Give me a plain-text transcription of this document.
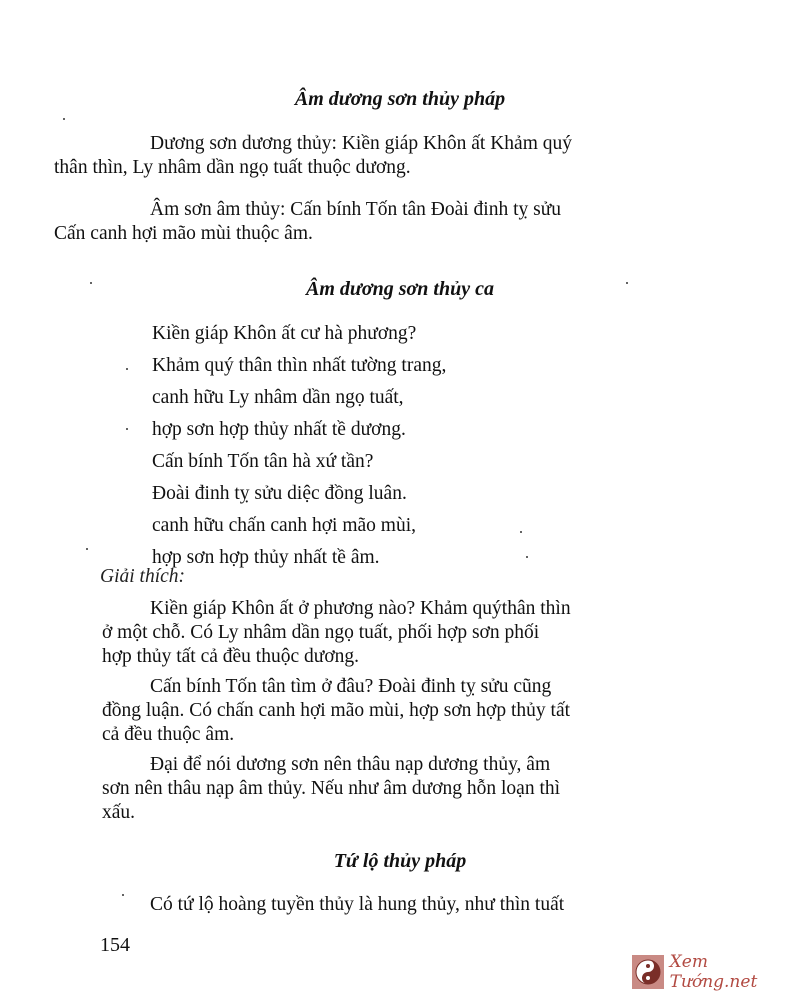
Âm dương sơn thủy pháp

Dương sơn dương thủy: Kiền giáp Khôn ất Khảm quý
thân thìn, Ly nhâm dần ngọ tuất thuộc dương.

Âm sơn âm thủy: Cấn bính Tốn tân Đoài đinh tỵ sửu
Cấn canh hợi mão mùi thuộc âm.

Âm dương sơn thủy ca

Kiền giáp Khôn ất cư hà phương?

Khảm quý thân thìn nhất tường trang,

canh hữu Ly nhâm dần ngọ tuất,

hợp sơn hợp thủy nhất tề dương.

Cấn bính Tốn tân hà xứ tần?

Đoài đinh tỵ sửu diệc đồng luân.

canh hữu chấn canh hợi mão mùi,

hợp sơn hợp thủy nhất tề âm.

Giải thích:
Kiền giáp Khôn ất ở phương nào? Khảm quýthân thìn
ở một chỗ. Có Ly nhâm dần ngọ tuất, phối hợp sơn phối
hợp thủy tất cả đều thuộc dương.
Cấn bính Tốn tân tìm ở đâu? Đoài đinh tỵ sửu cũng
đồng luận. Có chấn canh hợi mão mùi, hợp sơn hợp thủy tất
cả đều thuộc âm.
Đại để nói dương sơn nên thâu nạp dương thủy, âm
sơn nên thâu nạp âm thủy. Nếu như âm dương hỗn loạn thì
xấu.
Tứ lộ thủy pháp
Có tứ lộ hoàng tuyền thủy là hung thủy, như thìn tuất
154
Xem Tướng.net
